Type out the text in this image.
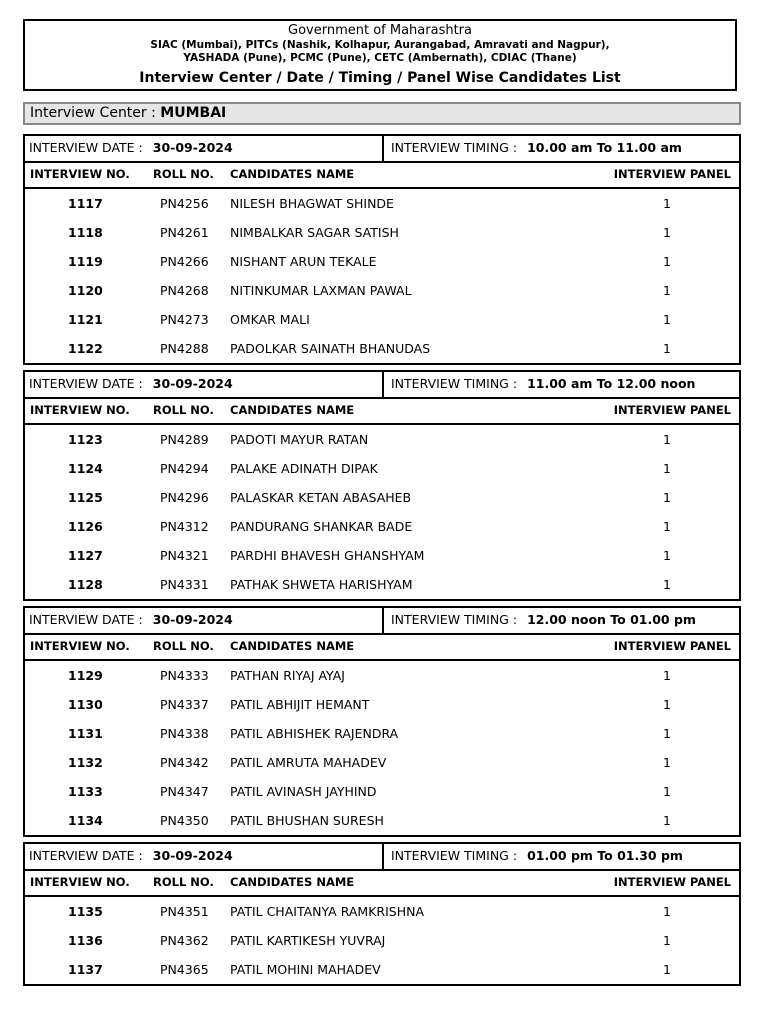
Government of Maharashtra
SIAC (Mumbai), PITCs (Nashik, Kolhapur, Aurangabad, Amravati and Nagpur),
YASHADA (Pune), PCMC (Pune), CETC (Ambernath), CDIAC (Thane)
Interview Center / Date / Timing / Panel Wise Candidates List
Interview Center : MUMBAI
INTERVIEW DATE : 30-09-2024	INTERVIEW TIMING : 10.00 am To 11.00 am
INTERVIEW NO. ROLL NO. CANDIDATES NAME	INTERVIEW PANEL
1117	PN4256 NILESH BHAGWAT SHINDE	1
1118	PN4261 NIMBALKAR SAGAR SATISH	1
1119	PN4266 NISHANT ARUN TEKALE	1
1120	PN4268 NITINKUMAR LAXMAN PAWAL	1
1121	PN4273 OMKAR MALI	1
1122	PN4288 PADOLKAR SAINATH BHANUDAS	1
INTERVIEW DATE : 30-09-2024	INTERVIEW TIMING : 11.00 am To 12.00 noon
INTERVIEW NO. ROLL NO. CANDIDATES NAME	INTERVIEW PANEL
1123	PN4289 PADOTI MAYUR RATAN	1
1124	PN4294 PALAKE ADINATH DIPAK	1
1125	PN4296 PALASKAR KETAN ABASAHEB	1
1126	PN4312 PANDURANG SHANKAR BADE	1
1127	PN4321 PARDHI BHAVESH GHANSHYAM	1
1128	PN4331 PATHAK SHWETA HARISHYAM	1
INTERVIEW DATE : 30-09-2024	INTERVIEW TIMING : 12.00 noon To 01.00 pm
INTERVIEW NO. ROLL NO. CANDIDATES NAME	INTERVIEW PANEL
1129	PN4333 PATHAN RIYAJ AYAJ	1
1130	PN4337 PATIL ABHIJIT HEMANT	1
1131	PN4338 PATIL ABHISHEK RAJENDRA	1
1132	PN4342 PATIL AMRUTA MAHADEV	1
1133	PN4347 PATIL AVINASH JAYHIND	1
1134	PN4350 PATIL BHUSHAN SURESH	1
INTERVIEW DATE : 30-09-2024	INTERVIEW TIMING : 01.00 pm To 01.30 pm
INTERVIEW NO. ROLL NO. CANDIDATES NAME	INTERVIEW PANEL
1135	PN4351 PATIL CHAITANYA RAMKRISHNA	1
1136	PN4362 PATIL KARTIKESH YUVRAJ	1
1137	PN4365 PATIL MOHINI MAHADEV	1
